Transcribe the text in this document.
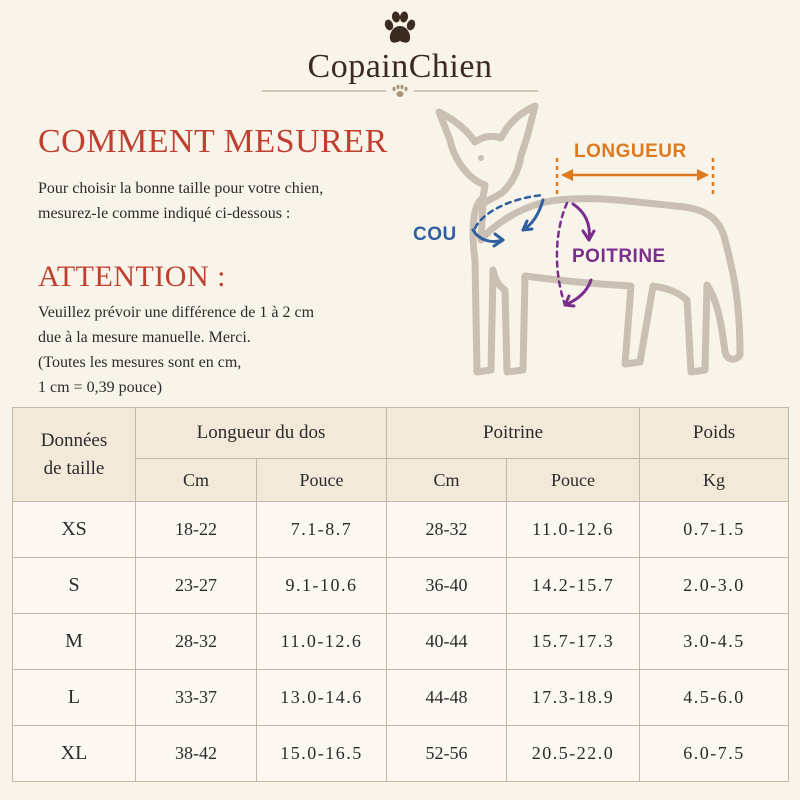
CopainChien
COMMENT MESURER
Pour choisir la bonne taille pour votre chien,
mesurez-le comme indiqué ci-dessous :
ATTENTION :
Veuillez prévoir une différence de 1 à 2 cm
due à la mesure manuelle. Merci.
(Toutes les mesures sont en cm,
1 cm = 0,39 pouce)
LONGUEUR
COU
POITRINE
Données
de taille	Longueur du dos		Poitrine		Poids
	Cm	Pouce	Cm	Pouce	Kg
XS	18-22	7.1-8.7	28-32	11.0-12.6	0.7-1.5
S	23-27	9.1-10.6	36-40	14.2-15.7	2.0-3.0
M	28-32	11.0-12.6	40-44	15.7-17.3	3.0-4.5
L	33-37	13.0-14.6	44-48	17.3-18.9	4.5-6.0
XL	38-42	15.0-16.5	52-56	20.5-22.0	6.0-7.5
